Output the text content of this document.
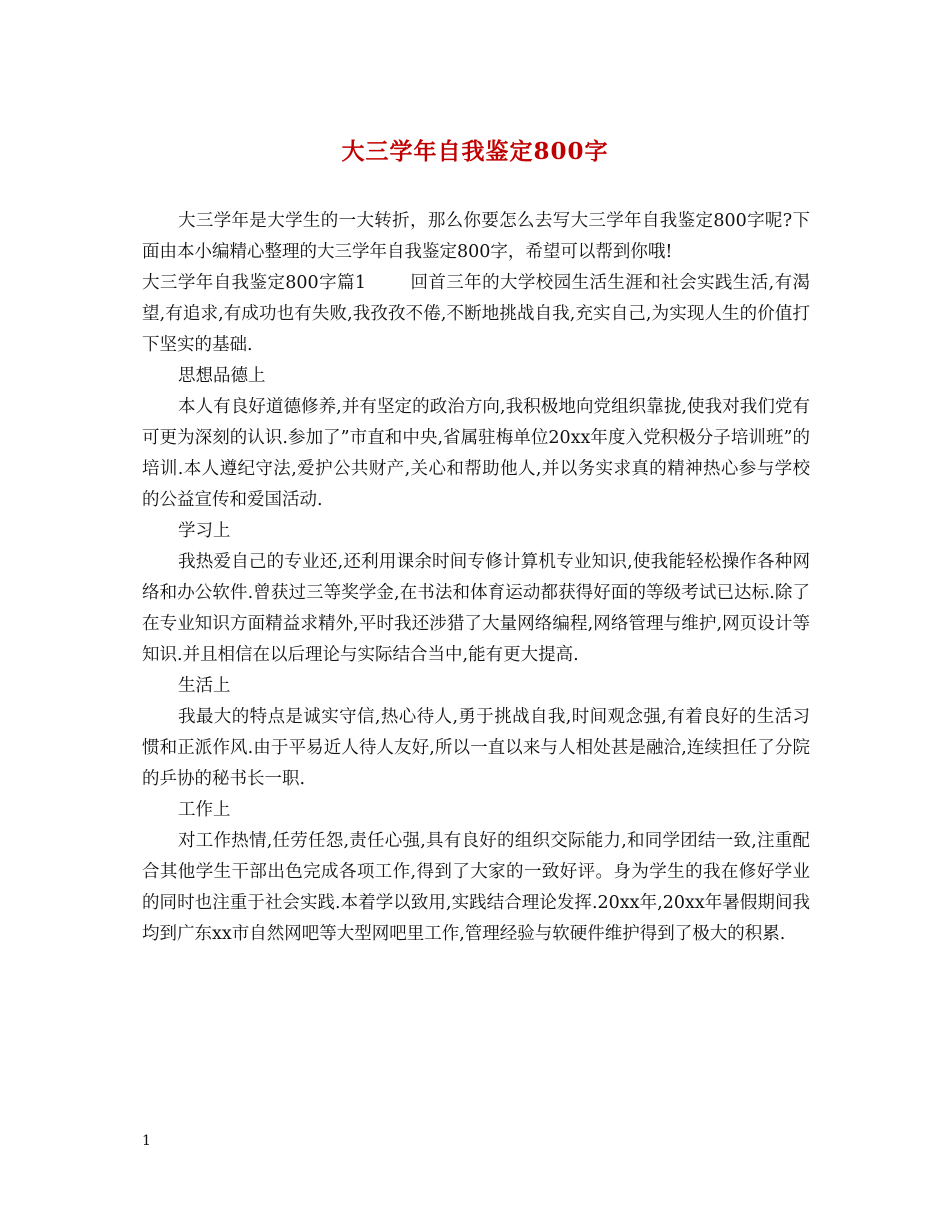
大三学年自我鉴定800字

大三学年是大学生的一大转折，那么你要怎么去写大三学年自我鉴定800字呢?下面由本小编精心整理的大三学年自我鉴定800字，希望可以帮到你哦!

大三学年自我鉴定800字篇1	回首三年的大学校园生活生涯和社会实践生活,有渴望,有追求,有成功也有失败,我孜孜不倦,不断地挑战自我,充实自己,为实现人生的价值打下坚实的基础.

思想品德上

本人有良好道德修养,并有坚定的政治方向,我积极地向党组织靠拢,使我对我们党有可更为深刻的认识.参加了”市直和中央,省属驻梅单位20xx年度入党积极分子培训班”的培训.本人遵纪守法,爱护公共财产,关心和帮助他人,并以务实求真的精神热心参与学校的公益宣传和爱国活动.

学习上

我热爱自己的专业还,还利用课余时间专修计算机专业知识,使我能轻松操作各种网络和办公软件.曾获过三等奖学金,在书法和体育运动都获得好面的等级考试已达标.除了在专业知识方面精益求精外,平时我还涉猎了大量网络编程,网络管理与维护,网页设计等知识.并且相信在以后理论与实际结合当中,能有更大提高.

生活上

我最大的特点是诚实守信,热心待人,勇于挑战自我,时间观念强,有着良好的生活习惯和正派作风.由于平易近人待人友好,所以一直以来与人相处甚是融洽,连续担任了分院的乒协的秘书长一职.

工作上

对工作热情,任劳任怨,责任心强,具有良好的组织交际能力,和同学团结一致,注重配合其他学生干部出色完成各项工作,得到了大家的一致好评。身为学生的我在修好学业的同时也注重于社会实践.本着学以致用,实践结合理论发挥.20xx年,20xx年暑假期间我均到广东xx市自然网吧等大型网吧里工作,管理经验与软硬件维护得到了极大的积累.

1
